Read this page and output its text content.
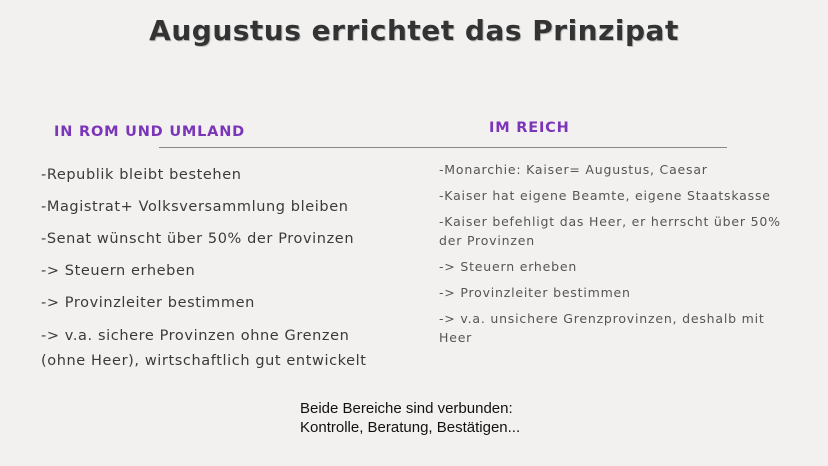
Augustus errichtet das Prinzipat
IN ROM UND UMLAND	IM REICH
-Republik bleibt bestehen
-Magistrat+ Volksversammlung bleiben
-Senat wünscht über 50% der Provinzen
-> Steuern erheben
-> Provinzleiter bestimmen
-> v.a. sichere Provinzen ohne Grenzen
(ohne Heer), wirtschaftlich gut entwickelt
-Monarchie: Kaiser= Augustus, Caesar
-Kaiser hat eigene Beamte, eigene Staatskasse
-Kaiser befehligt das Heer, er herrscht über 50% der Provinzen
-> Steuern erheben
-> Provinzleiter bestimmen
-> v.a. unsichere Grenzprovinzen, deshalb mit Heer
Beide Bereiche sind verbunden:
Kontrolle, Beratung, Bestätigen...
